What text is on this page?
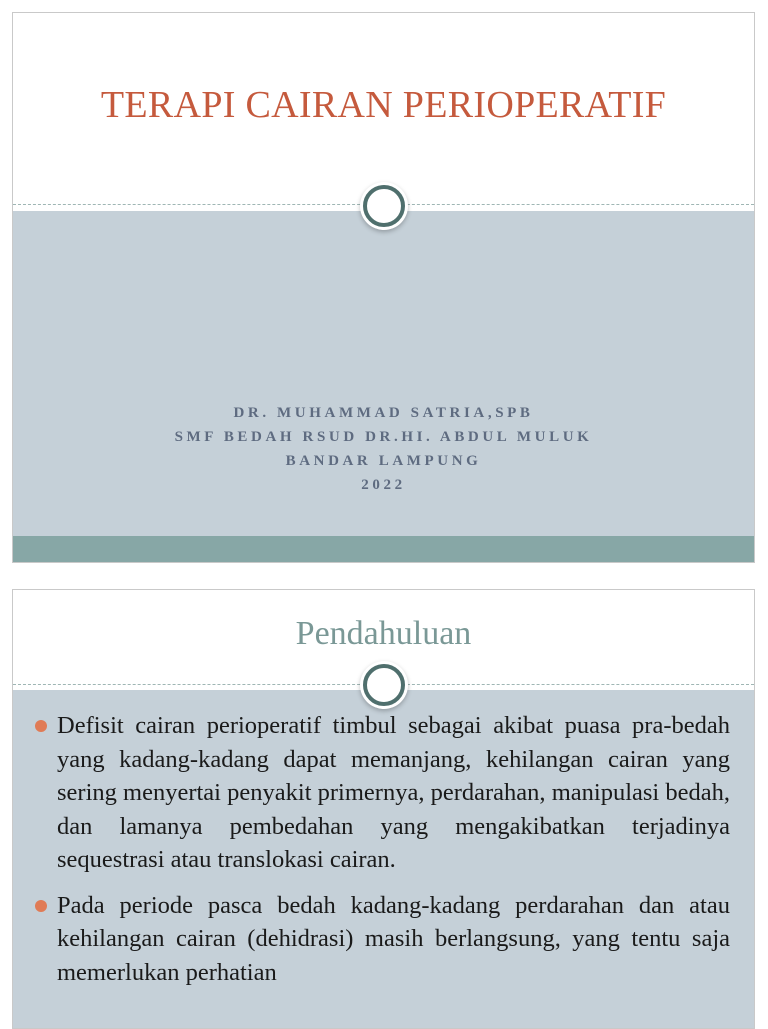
TERAPI CAIRAN PERIOPERATIF
DR. MUHAMMAD SATRIA,SPB
SMF BEDAH RSUD DR.HI. ABDUL MULUK
BANDAR LAMPUNG
2022
Pendahuluan
Defisit cairan perioperatif timbul sebagai akibat puasa pra-bedah yang kadang-kadang dapat memanjang, kehilangan cairan yang sering menyertai penyakit primernya, perdarahan, manipulasi bedah, dan lamanya pembedahan yang mengakibatkan terjadinya sequestrasi atau translokasi cairan.
Pada periode pasca bedah kadang-kadang perdarahan dan atau kehilangan cairan (dehidrasi) masih berlangsung, yang tentu saja memerlukan perhatian
